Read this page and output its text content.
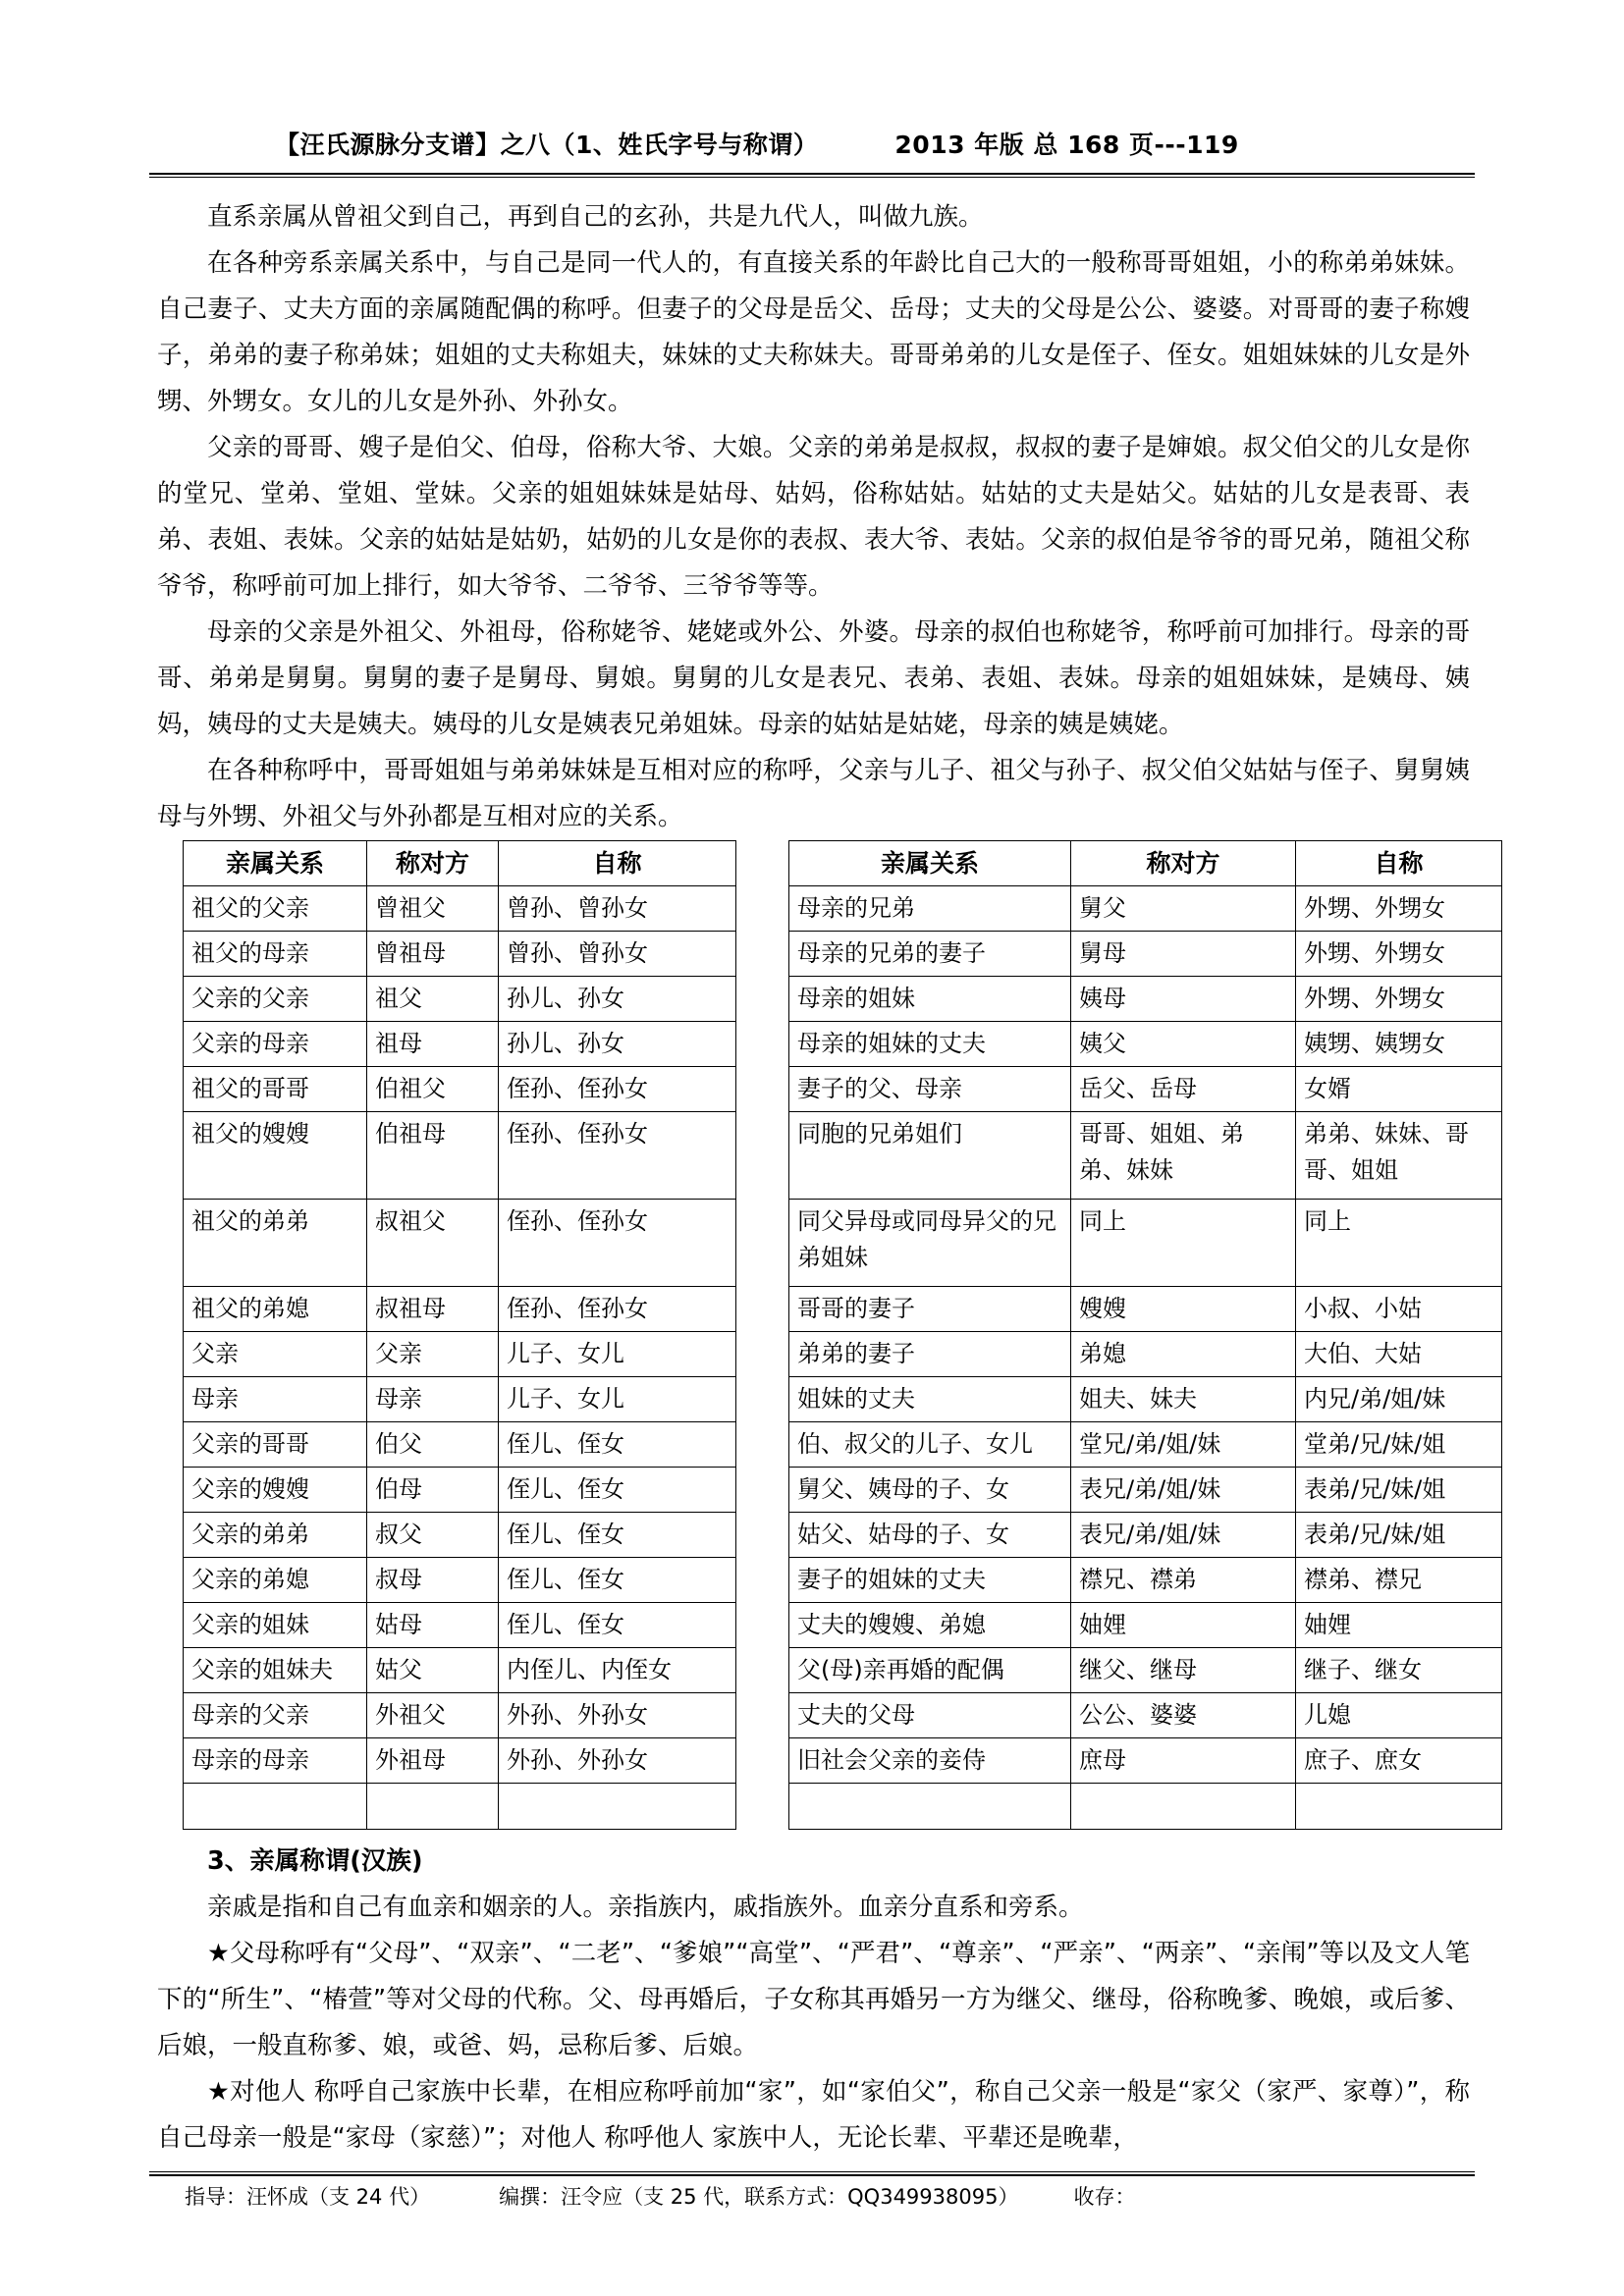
【汪氏源脉分支谱】之八（1、姓氏字号与称谓）	2013 年版 总 168 页---119

直系亲属从曾祖父到自己，再到自己的玄孙，共是九代人，叫做九族。

在各种旁系亲属关系中，与自己是同一代人的，有直接关系的年龄比自己大的一般称哥哥姐姐，小的称弟弟妹妹。自己妻子、丈夫方面的亲属随配偶的称呼。但妻子的父母是岳父、岳母；丈夫的父母是公公、婆婆。对哥哥的妻子称嫂子，弟弟的妻子称弟妹；姐姐的丈夫称姐夫，妹妹的丈夫称妹夫。哥哥弟弟的儿女是侄子、侄女。姐姐妹妹的儿女是外甥、外甥女。女儿的儿女是外孙、外孙女。

父亲的哥哥、嫂子是伯父、伯母，俗称大爷、大娘。父亲的弟弟是叔叔，叔叔的妻子是婶娘。叔父伯父的儿女是你的堂兄、堂弟、堂姐、堂妹。父亲的姐姐妹妹是姑母、姑妈，俗称姑姑。姑姑的丈夫是姑父。姑姑的儿女是表哥、表弟、表姐、表妹。父亲的姑姑是姑奶，姑奶的儿女是你的表叔、表大爷、表姑。父亲的叔伯是爷爷的哥兄弟，随祖父称爷爷，称呼前可加上排行，如大爷爷、二爷爷、三爷爷等等。

母亲的父亲是外祖父、外祖母，俗称姥爷、姥姥或外公、外婆。母亲的叔伯也称姥爷，称呼前可加排行。母亲的哥哥、弟弟是舅舅。舅舅的妻子是舅母、舅娘。舅舅的儿女是表兄、表弟、表姐、表妹。母亲的姐姐妹妹，是姨母、姨妈，姨母的丈夫是姨夫。姨母的儿女是姨表兄弟姐妹。母亲的姑姑是姑姥，母亲的姨是姨姥。

在各种称呼中，哥哥姐姐与弟弟妹妹是互相对应的称呼，父亲与儿子、祖父与孙子、叔父伯父姑姑与侄子、舅舅姨母与外甥、外祖父与外孙都是互相对应的关系。

亲属关系	称对方	自称		亲属关系	称对方	自称
祖父的父亲	曾祖父	曾孙、曾孙女		母亲的兄弟	舅父	外甥、外甥女
祖父的母亲	曾祖母	曾孙、曾孙女		母亲的兄弟的妻子	舅母	外甥、外甥女
父亲的父亲	祖父	孙儿、孙女		母亲的姐妹	姨母	外甥、外甥女
父亲的母亲	祖母	孙儿、孙女		母亲的姐妹的丈夫	姨父	姨甥、姨甥女
祖父的哥哥	伯祖父	侄孙、侄孙女		妻子的父、母亲	岳父、岳母	女婿
祖父的嫂嫂	伯祖母	侄孙、侄孙女		同胞的兄弟姐们	哥哥、姐姐、弟弟、妹妹	弟弟、妹妹、哥哥、姐姐
祖父的弟弟	叔祖父	侄孙、侄孙女		同父异母或同母异父的兄弟姐妹	同上	同上
祖父的弟媳	叔祖母	侄孙、侄孙女		哥哥的妻子	嫂嫂	小叔、小姑
父亲	父亲	儿子、女儿		弟弟的妻子	弟媳	大伯、大姑
母亲	母亲	儿子、女儿		姐妹的丈夫	姐夫、妹夫	内兄/弟/姐/妹
父亲的哥哥	伯父	侄儿、侄女		伯、叔父的儿子、女儿	堂兄/弟/姐/妹	堂弟/兄/妹/姐
父亲的嫂嫂	伯母	侄儿、侄女		舅父、姨母的子、女	表兄/弟/姐/妹	表弟/兄/妹/姐
父亲的弟弟	叔父	侄儿、侄女		姑父、姑母的子、女	表兄/弟/姐/妹	表弟/兄/妹/姐
父亲的弟媳	叔母	侄儿、侄女		妻子的姐妹的丈夫	襟兄、襟弟	襟弟、襟兄
父亲的姐妹	姑母	侄儿、侄女		丈夫的嫂嫂、弟媳	妯娌	妯娌
父亲的姐妹夫	姑父	内侄儿、内侄女		父(母)亲再婚的配偶	继父、继母	继子、继女
母亲的父亲	外祖父	外孙、外孙女		丈夫的父母	公公、婆婆	儿媳
母亲的母亲	外祖母	外孙、外孙女		旧社会父亲的妾侍	庶母	庶子、庶女

3、亲属称谓(汉族)

亲戚是指和自己有血亲和姻亲的人。亲指族内，戚指族外。血亲分直系和旁系。

★父母称呼有“父母”、“双亲”、“二老”、“爹娘”“高堂”、“严君”、“尊亲”、“严亲”、“两亲”、“亲闱”等以及文人笔下的“所生”、“椿萱”等对父母的代称。父、母再婚后，子女称其再婚另一方为继父、继母，俗称晚爹、晚娘，或后爹、后娘，一般直称爹、娘，或爸、妈，忌称后爹、后娘。

★对他人 称呼自己家族中长辈，在相应称呼前加“家”，如“家伯父”，称自己父亲一般是“家父（家严、家尊）”，称自己母亲一般是“家母（家慈）”；对他人 称呼他人 家族中人，无论长辈、平辈还是晚辈，

指导：汪怀成（支 24 代）	编撰：汪令应（支 25 代，联系方式：QQ349938095）	收存：
